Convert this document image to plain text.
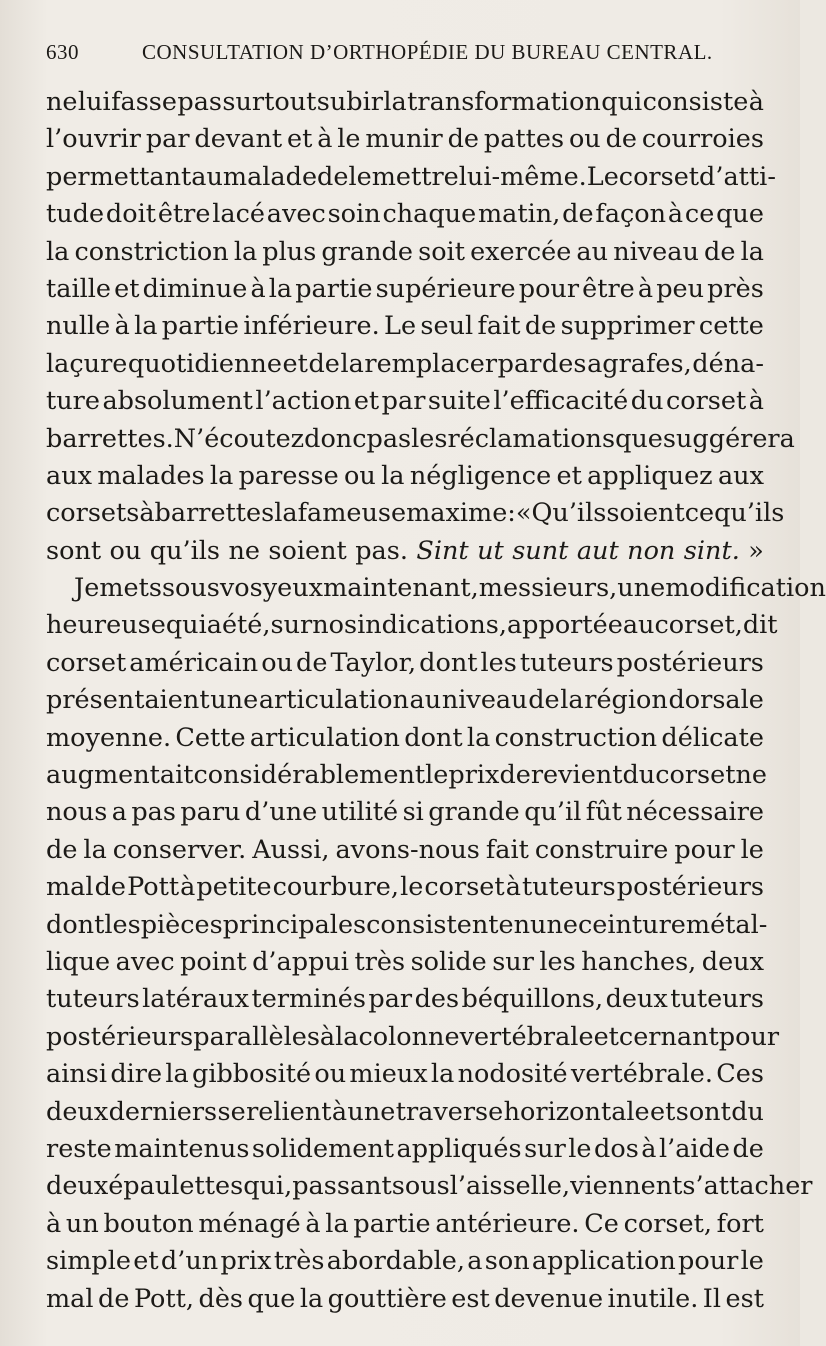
630	CONSULTATION D’ORTHOPÉDIE DU BUREAU CENTRAL.
ne lui fasse pas surtout subir la transformation qui consiste à
l’ouvrir par devant et à le munir de pattes ou de courroies
permettant au malade de le mettre lui-même. Le corset d’atti-
tude doit être lacé avec soin chaque matin, de façon à ce que
la constriction la plus grande soit exercée au niveau de la
taille et diminue à la partie supérieure pour être à peu près
nulle à la partie inférieure. Le seul fait de supprimer cette
laçure quotidienne et de la remplacer par des agrafes, déna-
ture absolument l’action et par suite l’efficacité du corset à
barrettes. N’écoutez donc pas les réclamations que suggérera
aux malades la paresse ou la négligence et appliquez aux
corsets à barrettes la fameuse maxime : « Qu’ils soient ce qu’ils
sont ou qu’ils ne soient pas. Sint ut sunt aut non sint. »
Je mets sous vos yeux maintenant, messieurs, une modification
heureuse qui a été, sur nos indications, apportée au corset, dit
corset américain ou de Taylor, dont les tuteurs postérieurs
présentaient une articulation au niveau de la région dorsale
moyenne. Cette articulation dont la construction délicate
augmentait considérablement le prix de revient du corset ne
nous a pas paru d’une utilité si grande qu’il fût nécessaire
de la conserver. Aussi, avons-nous fait construire pour le
mal de Pott à petite courbure, le corset à tuteurs postérieurs
dont les pièces principales consistent en une ceinture métal-
lique avec point d’appui très solide sur les hanches, deux
tuteurs latéraux terminés par des béquillons, deux tuteurs
postérieurs parallèles à la colonne vertébrale et cernant pour
ainsi dire la gibbosité ou mieux la nodosité vertébrale. Ces
deux derniers se relient à une traverse horizontale et sont du
reste maintenus solidement appliqués sur le dos à l’aide de
deux épaulettes qui, passant sous l’aisselle, viennent s’attacher
à un bouton ménagé à la partie antérieure. Ce corset, fort
simple et d’un prix très abordable, a son application pour le
mal de Pott, dès que la gouttière est devenue inutile. Il est
